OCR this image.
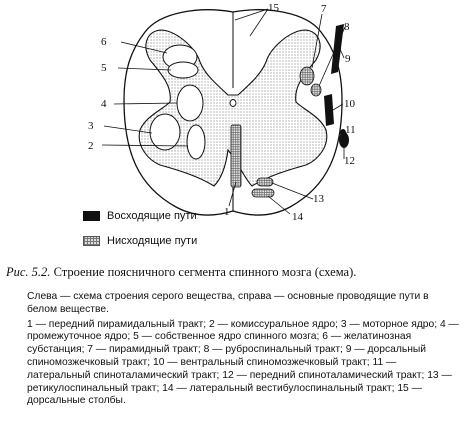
15
6
5
4
3
2
7
8
9
10
11
12
13
14
1
Восходящие пути
Нисходящие пути
Рис. 5.2. Строение поясничного сегмента спинного мозга (схема).

Слева — схема строения серого вещества, справа — основные проводящие пути в белом веществе.

1 — передний пирамидальный тракт; 2 — комиссуральное ядро; 3 — моторное ядро; 4 — промежуточное ядро; 5 — собственное ядро спинного мозга; 6 — желатинозная субстанция; 7 — пирамидный тракт; 8 — руброспинальный тракт; 9 — дорсальный спиномозжечковый тракт; 10 — вентральный спиномозжечковый тракт; 11 — латеральный спиноталамический тракт; 12 — передний спиноталамический тракт; 13 — ретикулоспинальный тракт; 14 — латеральный вестибулоспинальный тракт; 15 — дорсальные столбы.
